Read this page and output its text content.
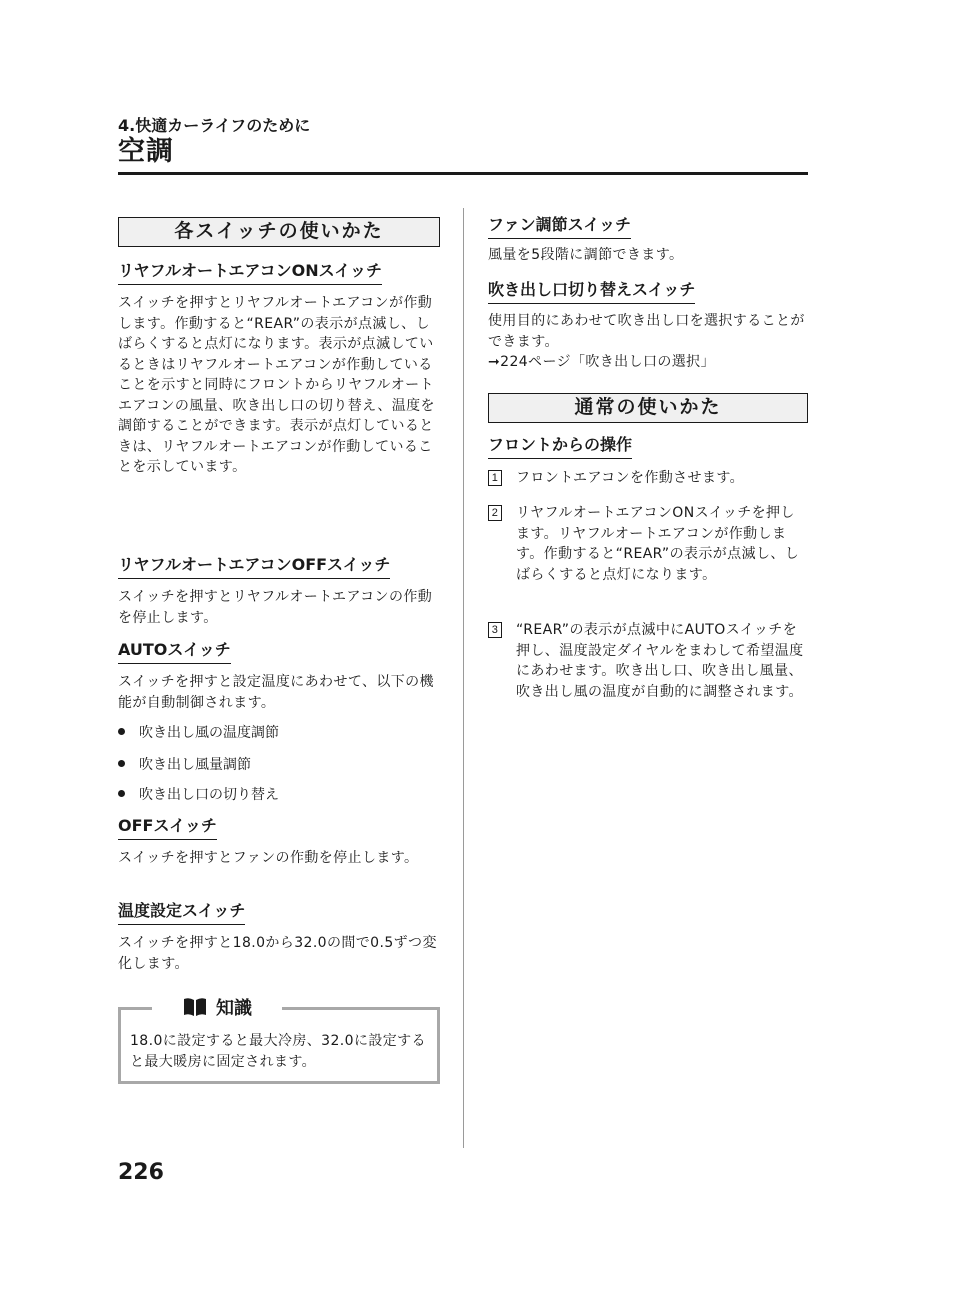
4.快適カーライフのために
空調
各スイッチの使いかた
リヤフルオートエアコンONスイッチ
スイッチを押すとリヤフルオートエアコンが作動します。作動すると“REAR”の表示が点滅し、しばらくすると点灯になります。表示が点滅しているときはリヤフルオートエアコンが作動していることを示すと同時にフロントからリヤフルオートエアコンの風量、吹き出し口の切り替え、温度を調節することができます。表示が点灯しているときは、リヤフルオートエアコンが作動していることを示しています。
リヤフルオートエアコンOFFスイッチ
スイッチを押すとリヤフルオートエアコンの作動を停止します。
AUTOスイッチ
スイッチを押すと設定温度にあわせて、以下の機能が自動制御されます。
吹き出し風の温度調節
吹き出し風量調節
吹き出し口の切り替え
OFFスイッチ
スイッチを押すとファンの作動を停止します。
温度設定スイッチ
スイッチを押すと18.0から32.0の間で0.5ずつ変化します。
知識
18.0に設定すると最大冷房、32.0に設定すると最大暖房に固定されます。
ファン調節スイッチ
風量を5段階に調節できます。
吹き出し口切り替えスイッチ
使用目的にあわせて吹き出し口を選択することができます。
➞224ページ「吹き出し口の選択」
通常の使いかた
フロントからの操作
1 フロントエアコンを作動させます。
2 リヤフルオートエアコンONスイッチを押します。リヤフルオートエアコンが作動します。作動すると“REAR”の表示が点滅し、しばらくすると点灯になります。
3 “REAR”の表示が点滅中にAUTOスイッチを押し、温度設定ダイヤルをまわして希望温度にあわせます。吹き出し口、吹き出し風量、吹き出し風の温度が自動的に調整されます。
226
